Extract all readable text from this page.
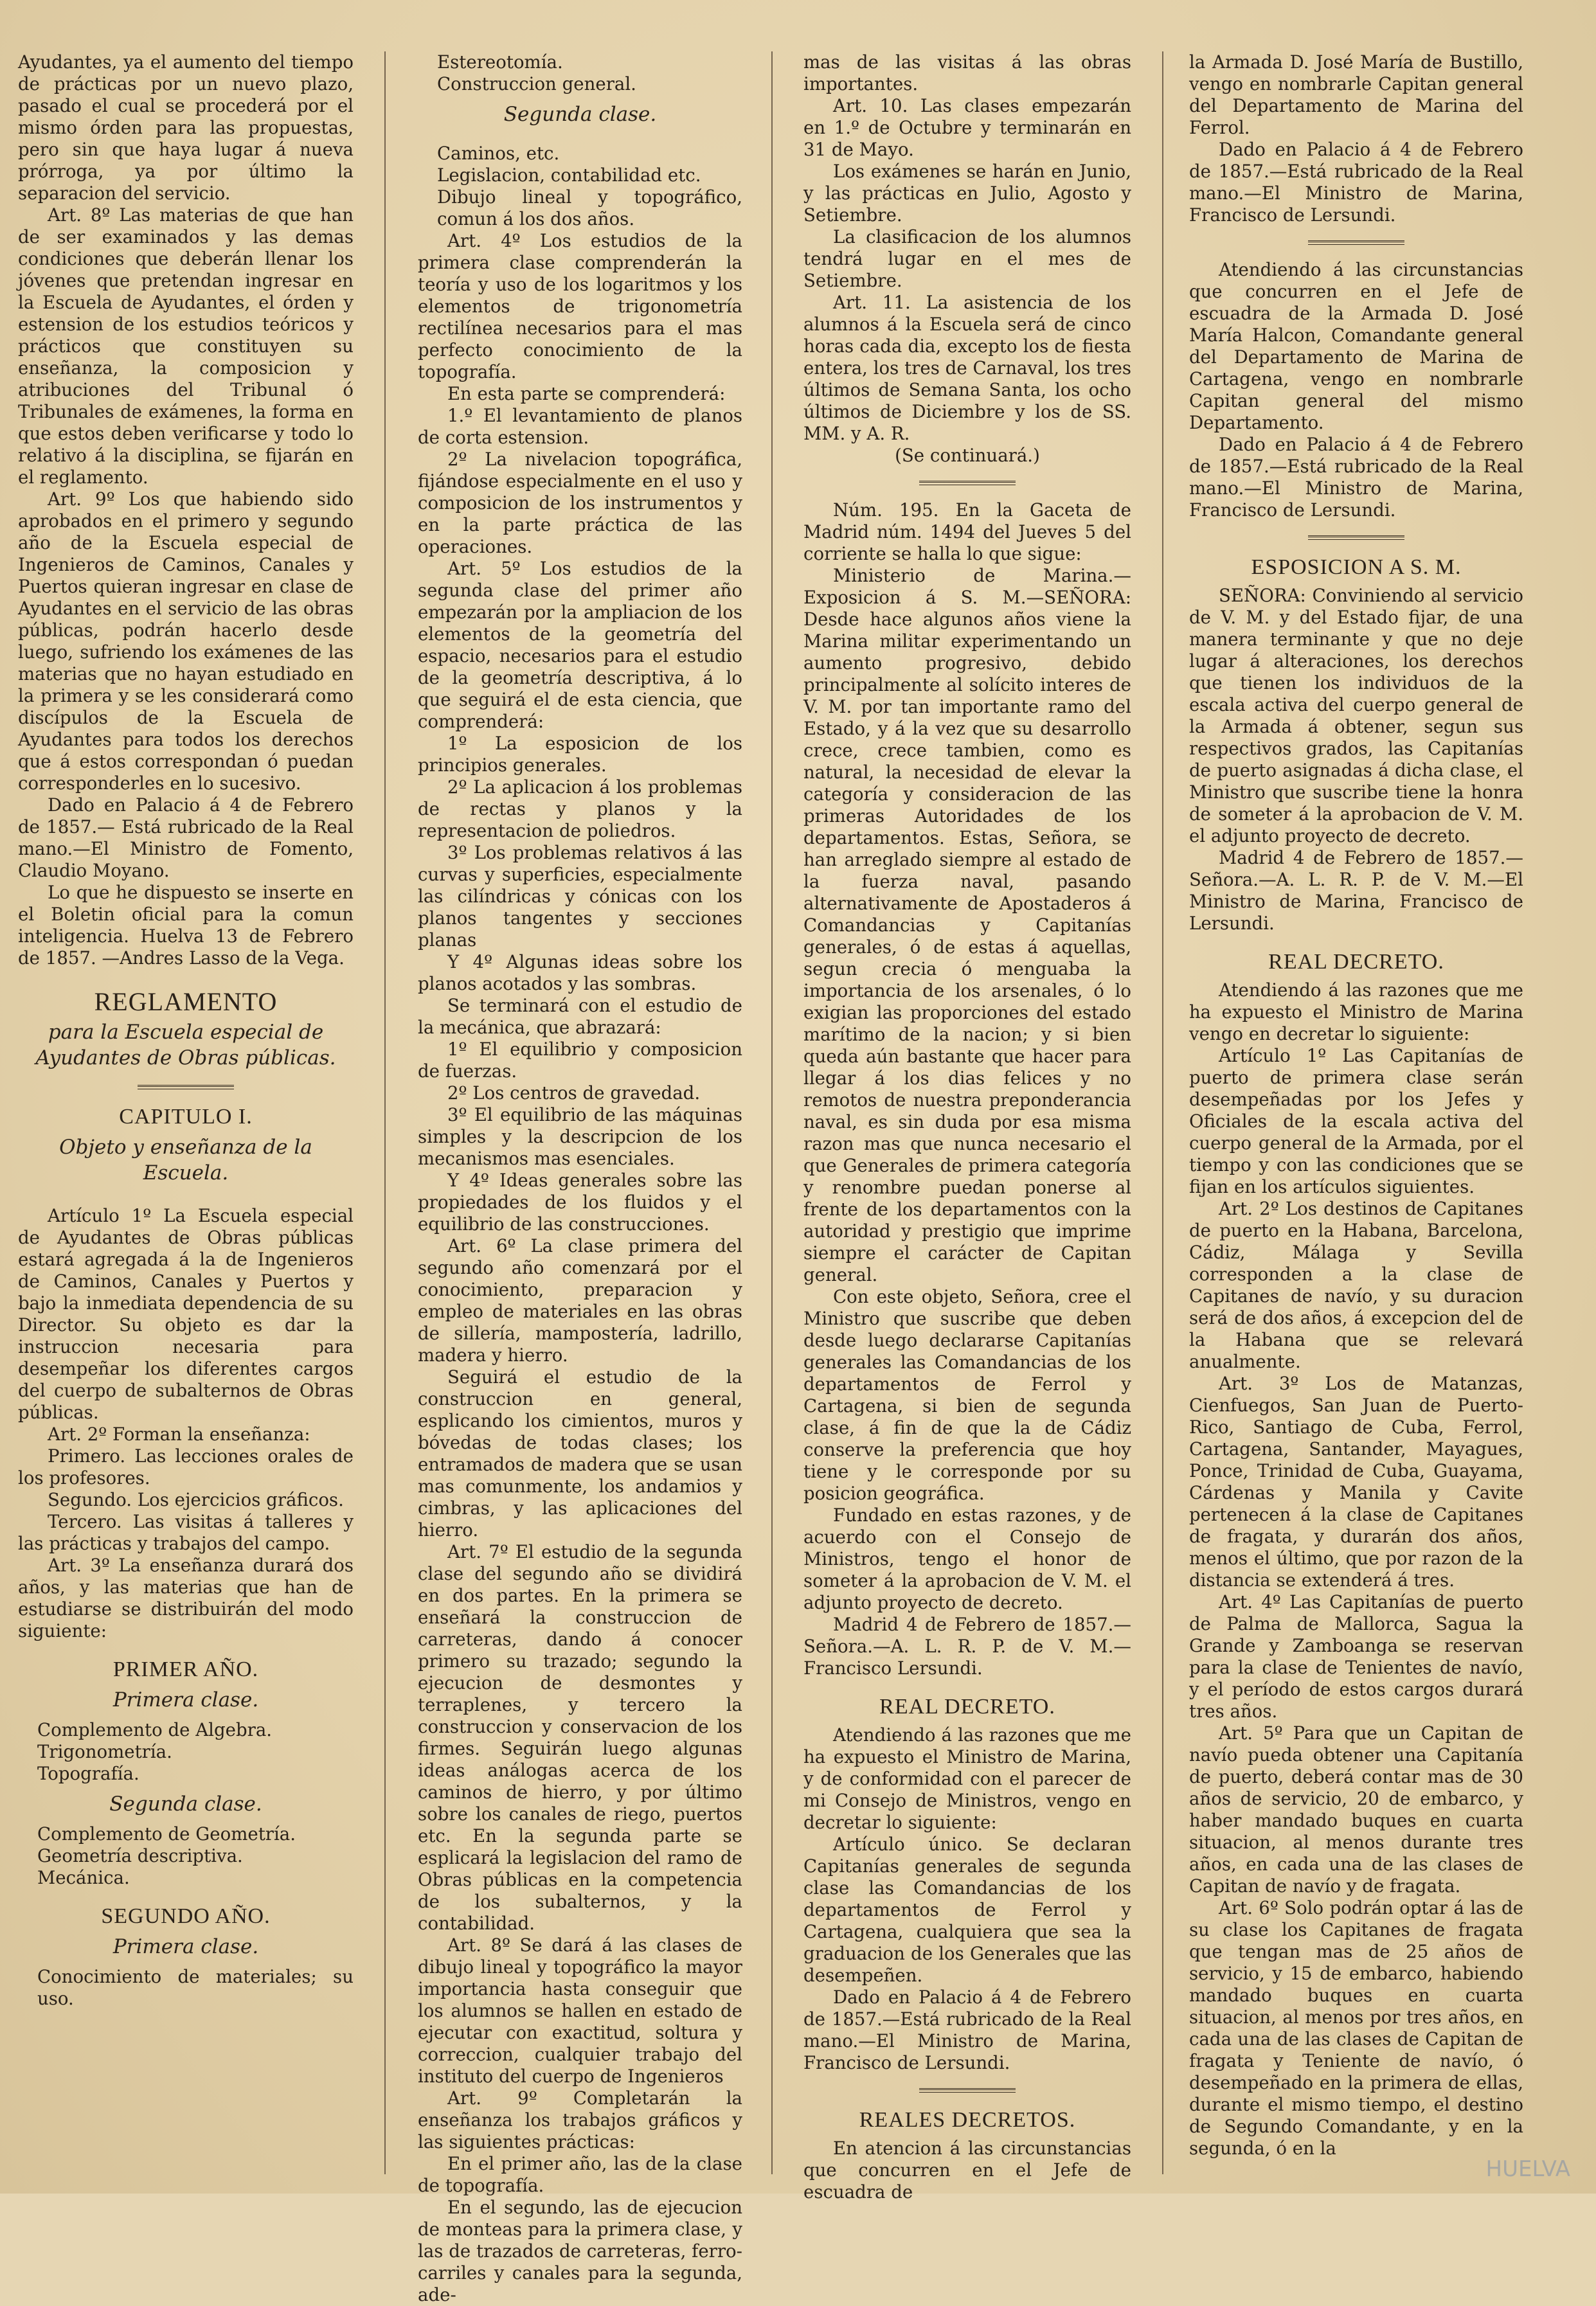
Ayudantes, ya el aumento del tiempo de prácticas por un nuevo plazo, pasado el cual se procederá por el mismo órden para las propuestas, pero sin que haya lugar á nueva prórroga, ya por último la separacion del servicio.

Art. 8º Las materias de que han de ser examinados y las demas condiciones que deberán llenar los jóvenes que pretendan ingresar en la Escuela de Ayudantes, el órden y estension de los estudios teóricos y prácticos que constituyen su enseñanza, la composicion y atribuciones del Tribunal ó Tribunales de exámenes, la forma en que estos deben verificarse y todo lo relativo á la disciplina, se fijarán en el reglamento.

Art. 9º Los que habiendo sido aprobados en el primero y segundo año de la Escuela especial de Ingenieros de Caminos, Canales y Puertos quieran ingresar en clase de Ayudantes en el servicio de las obras públicas, podrán hacerlo desde luego, sufriendo los exámenes de las materias que no hayan estudiado en la primera y se les considerará como discípulos de la Escuela de Ayudantes para todos los derechos que á estos correspondan ó puedan corresponderles en lo sucesivo.

Dado en Palacio á 4 de Febrero de 1857.— Está rubricado de la Real mano.—El Ministro de Fomento, Claudio Moyano.

Lo que he dispuesto se inserte en el Boletin oficial para la comun inteligencia. Huelva 13 de Febrero de 1857. —Andres Lasso de la Vega.

REGLAMENTO
para la Escuela especial de Ayudantes de Obras públicas.
CAPITULO I.
Objeto y enseñanza de la Escuela.

Artículo 1º La Escuela especial de Ayudantes de Obras públicas estará agregada á la de Ingenieros de Caminos, Canales y Puertos y bajo la inmediata dependencia de su Director. Su objeto es dar la instruccion necesaria para desempeñar los diferentes cargos del cuerpo de subalternos de Obras públicas.

Art. 2º Forman la enseñanza:

Primero. Las lecciones orales de los profesores.

Segundo. Los ejercicios gráficos.

Tercero. Las visitas á talleres y las prácticas y trabajos del campo.

Art. 3º La enseñanza durará dos años, y las materias que han de estudiarse se distribuirán del modo siguiente:

PRIMER AÑO.
Primera clase.

Complemento de Algebra.

Trigonometría.

Topografía.

Segunda clase.

Complemento de Geometría.

Geometría descriptiva.

Mecánica.

SEGUNDO AÑO.
Primera clase.

Conocimiento de materiales; su uso.

Estereotomía.

Construccion general.

Segunda clase.

Caminos, etc.

Legislacion, contabilidad etc.

Dibujo lineal y topográfico, comun á los dos años.

Art. 4º Los estudios de la primera clase comprenderán la teoría y uso de los logaritmos y los elementos de trigonometría rectilínea necesarios para el mas perfecto conocimiento de la topografía.

En esta parte se comprenderá:

1.º El levantamiento de planos de corta estension.

2º La nivelacion topográfica, fijándose especialmente en el uso y composicion de los instrumentos y en la parte práctica de las operaciones.

Art. 5º Los estudios de la segunda clase del primer año empezarán por la ampliacion de los elementos de la geometría del espacio, necesarios para el estudio de la geometría descriptiva, á lo que seguirá el de esta ciencia, que comprenderá:

1º La esposicion de los principios generales.

2º La aplicacion á los problemas de rectas y planos y la representacion de poliedros.

3º Los problemas relativos á las curvas y superficies, especialmente las cilíndricas y cónicas con los planos tangentes y secciones planas

Y 4º Algunas ideas sobre los planos acotados y las sombras.

Se terminará con el estudio de la mecánica, que abrazará:

1º El equilibrio y composicion de fuerzas.

2º Los centros de gravedad.

3º El equilibrio de las máquinas simples y la descripcion de los mecanismos mas esenciales.

Y 4º Ideas generales sobre las propiedades de los fluidos y el equilibrio de las construcciones.

Art. 6º La clase primera del segundo año comenzará por el conocimiento, preparacion y empleo de materiales en las obras de sillería, mampostería, ladrillo, madera y hierro.

Seguirá el estudio de la construccion en general, esplicando los cimientos, muros y bóvedas de todas clases; los entramados de madera que se usan mas comunmente, los andamios y cimbras, y las aplicaciones del hierro.

Art. 7º El estudio de la segunda clase del segundo año se dividirá en dos partes. En la primera se enseñará la construccion de carreteras, dando á conocer primero su trazado; segundo la ejecucion de desmontes y terraplenes, y tercero la construccion y conservacion de los firmes. Seguirán luego algunas ideas análogas acerca de los caminos de hierro, y por último sobre los canales de riego, puertos etc. En la segunda parte se esplicará la legislacion del ramo de Obras públicas en la competencia de los subalternos, y la contabilidad.

Art. 8º Se dará á las clases de dibujo lineal y topográfico la mayor importancia hasta conseguir que los alumnos se hallen en estado de ejecutar con exactitud, soltura y correccion, cualquier trabajo del instituto del cuerpo de Ingenieros

Art. 9º Completarán la enseñanza los trabajos gráficos y las siguientes prácticas:

En el primer año, las de la clase de topografía.

En el segundo, las de ejecucion de monteas para la primera clase, y las de trazados de carreteras, ferro-carriles y canales para la segunda, ade-

mas de las visitas á las obras importantes.

Art. 10. Las clases empezarán en 1.º de Octubre y terminarán en 31 de Mayo.

Los exámenes se harán en Junio, y las prácticas en Julio, Agosto y Setiembre.

La clasificacion de los alumnos tendrá lugar en el mes de Setiembre.

Art. 11. La asistencia de los alumnos á la Escuela será de cinco horas cada dia, excepto los de fiesta entera, los tres de Carnaval, los tres últimos de Semana Santa, los ocho últimos de Diciembre y los de SS. MM. y A. R.

(Se continuará.)

Núm. 195. En la Gaceta de Madrid núm. 1494 del Jueves 5 del corriente se halla lo que sigue:

Ministerio de Marina.—Exposicion á S. M.—SEÑORA: Desde hace algunos años viene la Marina militar experimentando un aumento progresivo, debido principalmente al solícito interes de V. M. por tan importante ramo del Estado, y á la vez que su desarrollo crece, crece tambien, como es natural, la necesidad de elevar la categoría y consideracion de las primeras Autoridades de los departamentos. Estas, Señora, se han arreglado siempre al estado de la fuerza naval, pasando alternativamente de Apostaderos á Comandancias y Capitanías generales, ó de estas á aquellas, segun crecia ó menguaba la importancia de los arsenales, ó lo exigian las proporciones del estado marítimo de la nacion; y si bien queda aún bastante que hacer para llegar á los dias felices y no remotos de nuestra preponderancia naval, es sin duda por esa misma razon mas que nunca necesario el que Generales de primera categoría y renombre puedan ponerse al frente de los departamentos con la autoridad y prestigio que imprime siempre el carácter de Capitan general.

Con este objeto, Señora, cree el Ministro que suscribe que deben desde luego declararse Capitanías generales las Comandancias de los departamentos de Ferrol y Cartagena, si bien de segunda clase, á fin de que la de Cádiz conserve la preferencia que hoy tiene y le corresponde por su posicion geográfica.

Fundado en estas razones, y de acuerdo con el Consejo de Ministros, tengo el honor de someter á la aprobacion de V. M. el adjunto proyecto de decreto.

Madrid 4 de Febrero de 1857.— Señora.—A. L. R. P. de V. M.—Francisco Lersundi.

REAL DECRETO.

Atendiendo á las razones que me ha expuesto el Ministro de Marina, y de conformidad con el parecer de mi Consejo de Ministros, vengo en decretar lo siguiente:

Artículo único. Se declaran Capitanías generales de segunda clase las Comandancias de los departamentos de Ferrol y Cartagena, cualquiera que sea la graduacion de los Generales que las desempeñen.

Dado en Palacio á 4 de Febrero de 1857.—Está rubricado de la Real mano.—El Ministro de Marina, Francisco de Lersundi.

REALES DECRETOS.

En atencion á las circunstancias que concurren en el Jefe de escuadra de

la Armada D. José María de Bustillo, vengo en nombrarle Capitan general del Departamento de Marina del Ferrol.

Dado en Palacio á 4 de Febrero de 1857.—Está rubricado de la Real mano.—El Ministro de Marina, Francisco de Lersundi.

Atendiendo á las circunstancias que concurren en el Jefe de escuadra de la Armada D. José María Halcon, Comandante general del Departamento de Marina de Cartagena, vengo en nombrarle Capitan general del mismo Departamento.

Dado en Palacio á 4 de Febrero de 1857.—Está rubricado de la Real mano.—El Ministro de Marina, Francisco de Lersundi.

ESPOSICION A S. M.

SEÑORA: Conviniendo al servicio de V. M. y del Estado fijar, de una manera terminante y que no deje lugar á alteraciones, los derechos que tienen los individuos de la escala activa del cuerpo general de la Armada á obtener, segun sus respectivos grados, las Capitanías de puerto asignadas á dicha clase, el Ministro que suscribe tiene la honra de someter á la aprobacion de V. M. el adjunto proyecto de decreto.

Madrid 4 de Febrero de 1857.—Señora.—A. L. R. P. de V. M.—El Ministro de Marina, Francisco de Lersundi.

REAL DECRETO.

Atendiendo á las razones que me ha expuesto el Ministro de Marina vengo en decretar lo siguiente:

Artículo 1º Las Capitanías de puerto de primera clase serán desempeñadas por los Jefes y Oficiales de la escala activa del cuerpo general de la Armada, por el tiempo y con las condiciones que se fijan en los artículos siguientes.

Art. 2º Los destinos de Capitanes de puerto en la Habana, Barcelona, Cádiz, Málaga y Sevilla corresponden a la clase de Capitanes de navío, y su duracion será de dos años, á excepcion del de la Habana que se relevará anualmente.

Art. 3º Los de Matanzas, Cienfuegos, San Juan de Puerto-Rico, Santiago de Cuba, Ferrol, Cartagena, Santander, Mayagues, Ponce, Trinidad de Cuba, Guayama, Cárdenas y Manila y Cavite pertenecen á la clase de Capitanes de fragata, y durarán dos años, menos el último, que por razon de la distancia se extenderá á tres.

Art. 4º Las Capitanías de puerto de Palma de Mallorca, Sagua la Grande y Zamboanga se reservan para la clase de Tenientes de navío, y el período de estos cargos durará tres años.

Art. 5º Para que un Capitan de navío pueda obtener una Capitanía de puerto, deberá contar mas de 30 años de servicio, 20 de embarco, y haber mandado buques en cuarta situacion, al menos durante tres años, en cada una de las clases de Capitan de navío y de fragata.

Art. 6º Solo podrán optar á las de su clase los Capitanes de fragata que tengan mas de 25 años de servicio, y 15 de embarco, habiendo mandado buques en cuarta situacion, al menos por tres años, en cada una de las clases de Capitan de fragata y Teniente de navío, ó desempeñado en la primera de ellas, durante el mismo tiempo, el destino de Segundo Comandante, y en la segunda, ó en la

HUELVA
